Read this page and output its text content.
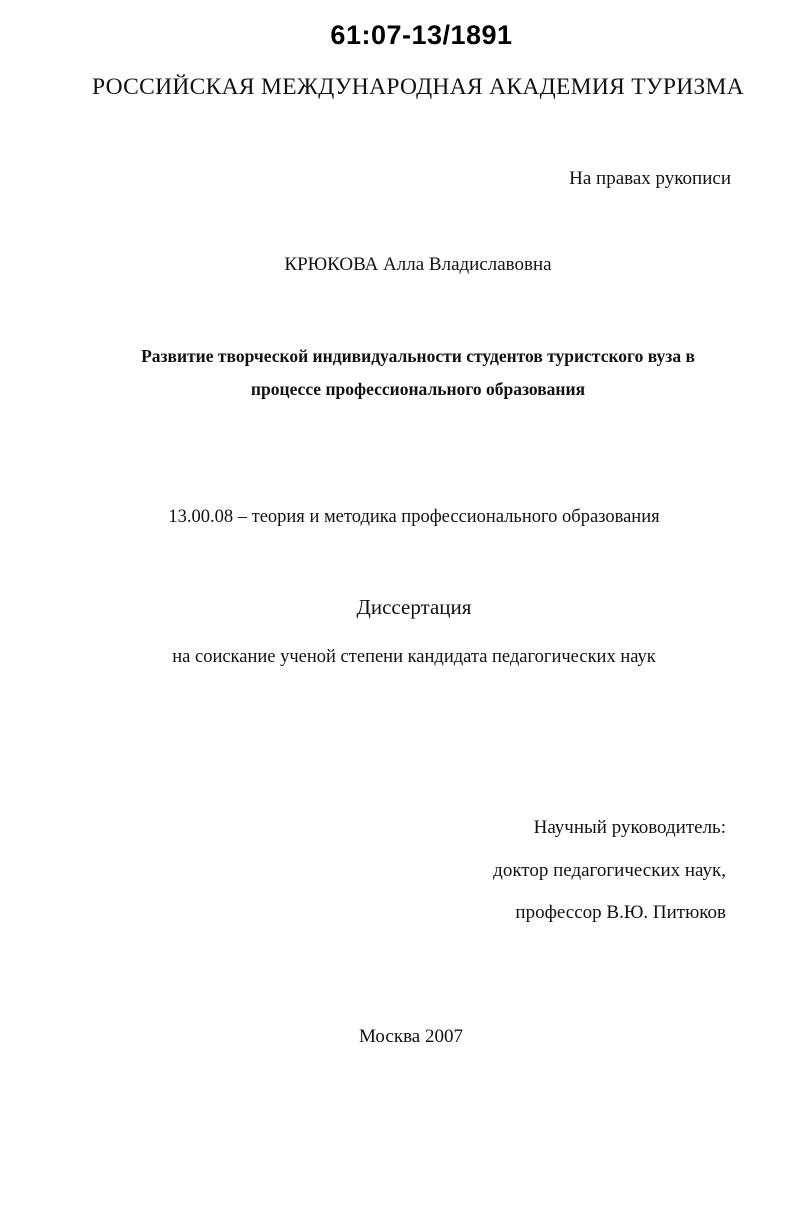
61:07-13/1891
РОССИЙСКАЯ МЕЖДУНАРОДНАЯ АКАДЕМИЯ ТУРИЗМА
На правах рукописи
КРЮКОВА Алла Владиславовна
Развитие творческой индивидуальности студентов туристского вуза в
процессе профессионального образования
13.00.08 – теория и методика профессионального образования
Диссертация
на соискание ученой степени кандидата педагогических наук
Научный руководитель:
доктор педагогических наук,
профессор В.Ю. Питюков
Москва 2007
